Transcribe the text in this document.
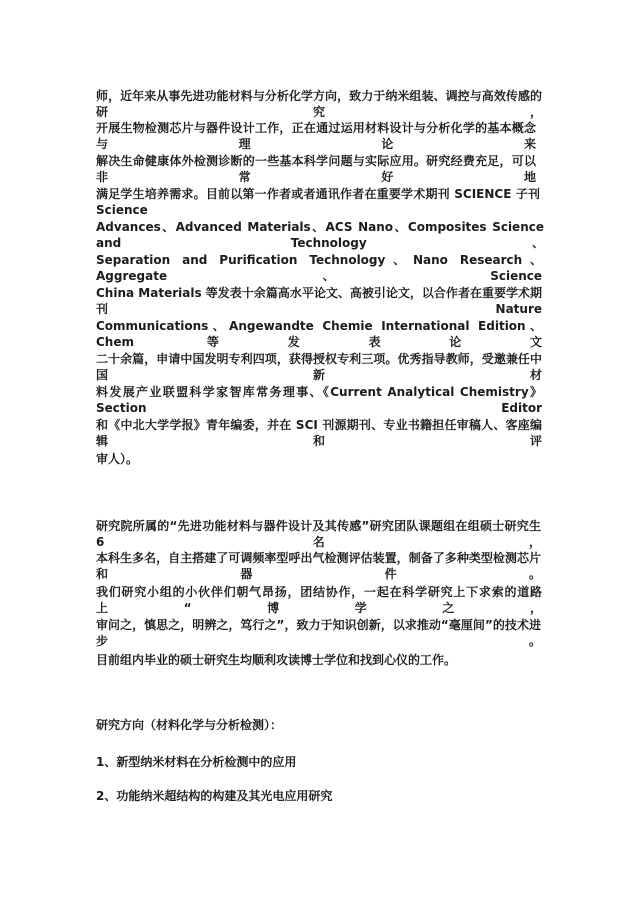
师，近年来从事先进功能材料与分析化学方向，致力于纳米组装、调控与高效传感的研究，

开展生物检测芯片与器件设计工作，正在通过运用材料设计与分析化学的基本概念与理论来

解决生命健康体外检测诊断的一些基本科学问题与实际应用。研究经费充足，可以非常好地

满足学生培养需求。目前以第一作者或者通讯作者在重要学术期刊 SCIENCE 子刊 Science

Advances、Advanced Materials、ACS Nano、Composites Science and Technology、

Separation and Purification Technology、Nano Research、Aggregate、Science

China Materials 等发表十余篇高水平论文、高被引论文，以合作者在重要学术期刊 Nature

Communications、Angewandte Chemie International Edition、Chem 等发表论文

二十余篇，申请中国发明专利四项，获得授权专利三项。优秀指导教师，受邀兼任中国新材

料发展产业联盟科学家智库常务理事、《Current Analytical Chemistry》Section Editor

和《中北大学学报》青年编委，并在 SCI 刊源期刊、专业书籍担任审稿人、客座编辑和评

审人）。

研究院所属的“先进功能材料与器件设计及其传感”研究团队课题组在组硕士研究生 6 名，

本科生多名，自主搭建了可调频率型呼出气检测评估装置，制备了多种类型检测芯片和器件。

我们研究小组的小伙伴们朝气昂扬，团结协作，一起在科学研究上下求索的道路上“博学之，

审问之，慎思之，明辨之，笃行之”，致力于知识创新，以求推动“毫厘间”的技术进步。

目前组内毕业的硕士研究生均顺利攻读博士学位和找到心仪的工作。

研究方向（材料化学与分析检测）：

1、新型纳米材料在分析检测中的应用

2、功能纳米超结构的构建及其光电应用研究
